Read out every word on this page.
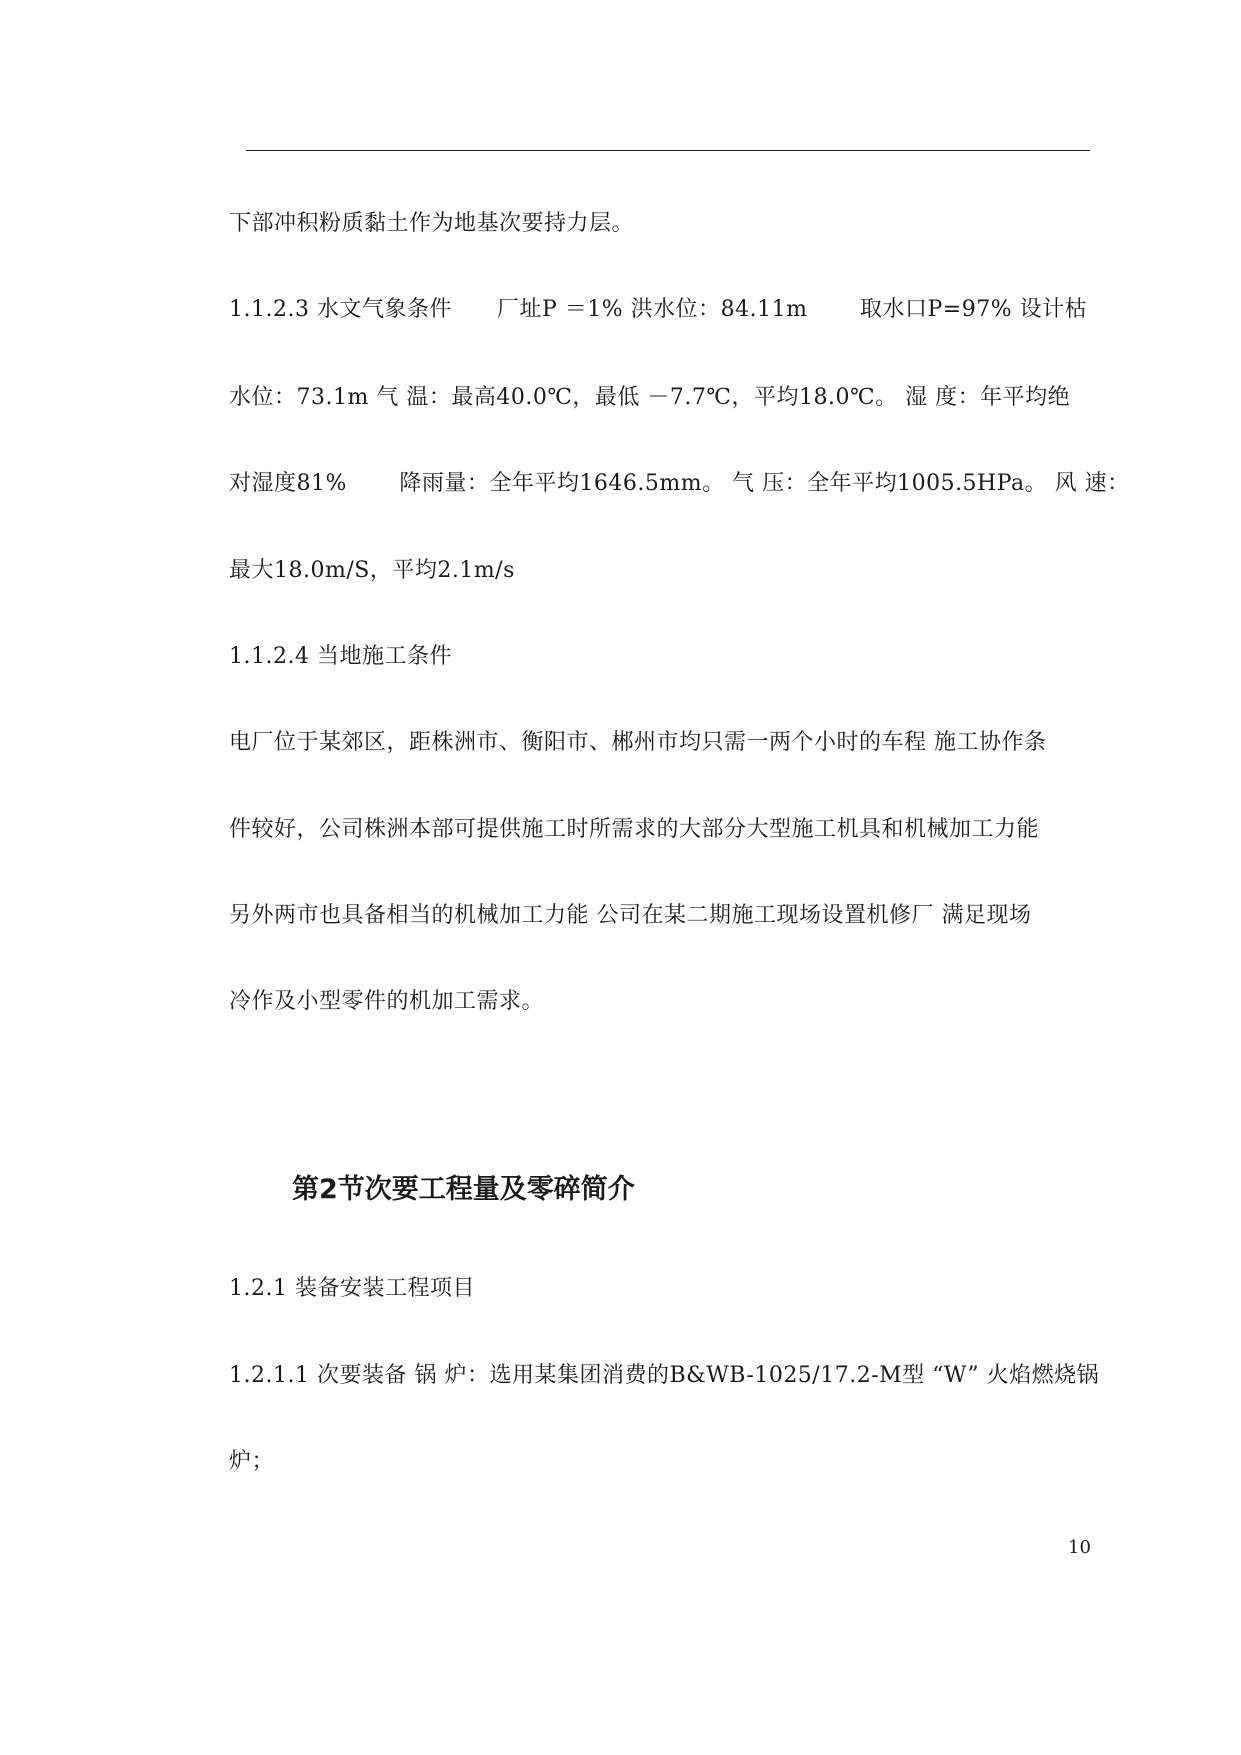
下部冲积粉质黏土作为地基次要持力层。
1.1.2.3 水文气象条件　　厂址P ＝1% 洪水位：84.11m　　 取水口P=97% 设计枯
水位：73.1m 气 温：最高40.0℃，最低 －7.7℃，平均18.0℃。 湿 度：年平均绝
对湿度81%　　 降雨量：全年平均1646.5mm。 气 压：全年平均1005.5HPa。 风 速：
最大18.0m/S，平均2.1m/s
1.1.2.4 当地施工条件
电厂位于某郊区，距株洲市、衡阳市、郴州市均只需一两个小时的车程 施工协作条
件较好，公司株洲本部可提供施工时所需求的大部分大型施工机具和机械加工力能
另外两市也具备相当的机械加工力能 公司在某二期施工现场设置机修厂 满足现场
冷作及小型零件的机加工需求。
第2节次要工程量及零碎简介
1.2.1 装备安装工程项目
1.2.1.1 次要装备 锅 炉：选用某集团消费的B&WB-1025/17.2-M型 “W” 火焰燃烧锅
炉；
10
